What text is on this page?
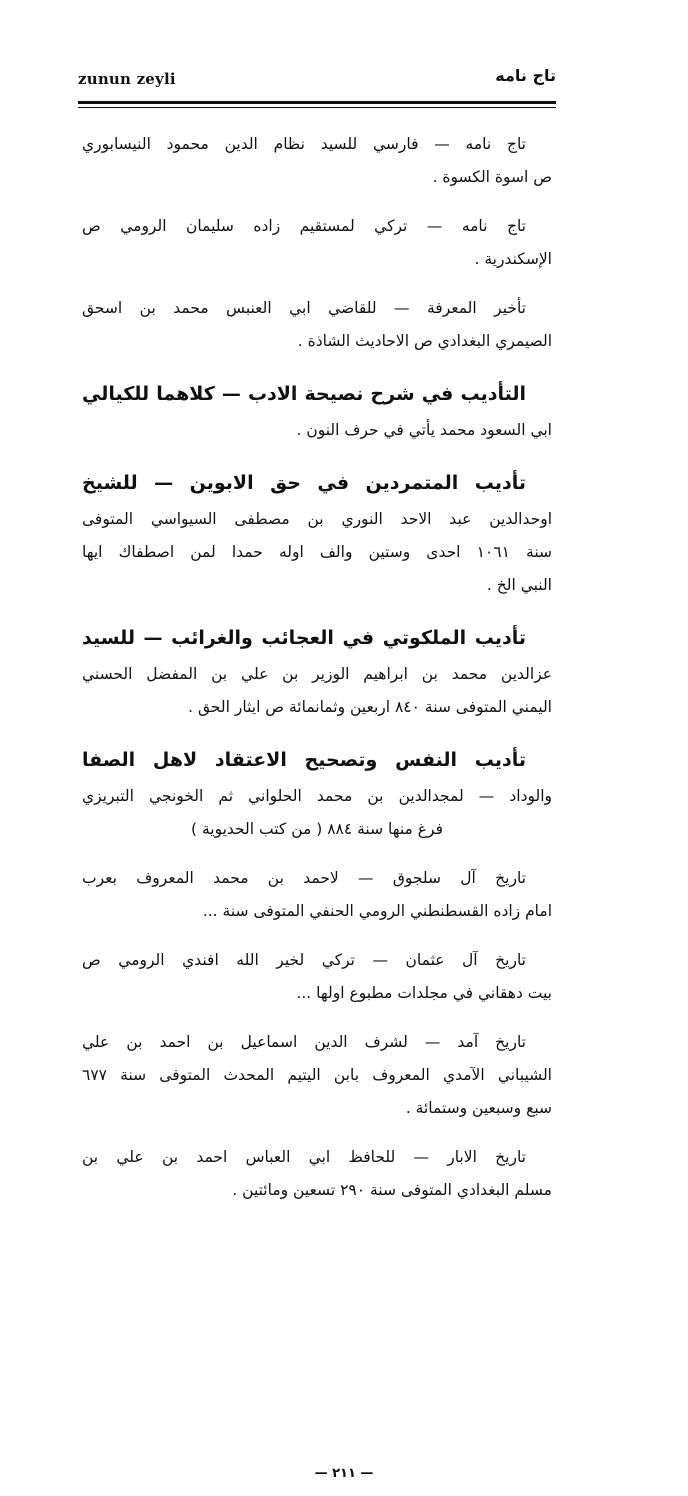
zunun zeyli	تاج نامه
تاج نامه — فارسي للسيد نظام الدين محمود النيسابوري
ص اسوة الكسوة .
تاج نامه — تركي لمستقيم زاده سليمان الرومي ص
الإسكندرية .
تأخير المعرفة — للقاضي ابي العنبس محمد بن اسحق
الصيمري البغدادي ص الاحاديث الشاذة .
التأديب في شرح نصيحة الادب — كلاهما للكيالي
ابي السعود محمد يأتي في حرف النون .
تأديب المتمردين في حق الابوين — للشيخ
اوحدالدين عبد الاحد النوري بن مصطفى السيواسي المتوفى
سنة ١٠٦١ احدى وستين والف اوله حمدا لمن اصطفاك ايها
النبي الخ .
تأديب الملكوتي في العجائب والغرائب — للسيد
عزالدين محمد بن ابراهيم الوزير بن علي بن المفضل الحسني
اليمني المتوفى سنة ٨٤٠ اربعين وثمانمائة ص ايثار الحق .
تأديب النفس وتصحيح الاعتقاد لاهل الصفا
والوداد — لمجدالدين بن محمد الحلواني ثم الخونجي التبريزي
فرغ منها سنة ٨٨٤ ( من كتب الحديوية )
تاريخ آل سلجوق — لاحمد بن محمد المعروف بعرب
امام زاده القسطنطني الرومي الحنفي المتوفى سنة ...
تاريخ آل عثمان — تركي لخير الله افندي الرومي ص
بيت دهقاني في مجلدات مطبوع اولها ...
تاريخ آمد — لشرف الدين اسماعيل بن احمد بن علي
الشيباني الآمدي المعروف بابن اليتيم المحدث المتوفى سنة ٦٧٧
سبع وسبعين وستمائة .
تاريخ الابار — للحافظ ابي العباس احمد بن علي بن
مسلم البغدادي المتوفى سنة ٢٩٠ تسعين ومائتين .
— ٢١١ —
